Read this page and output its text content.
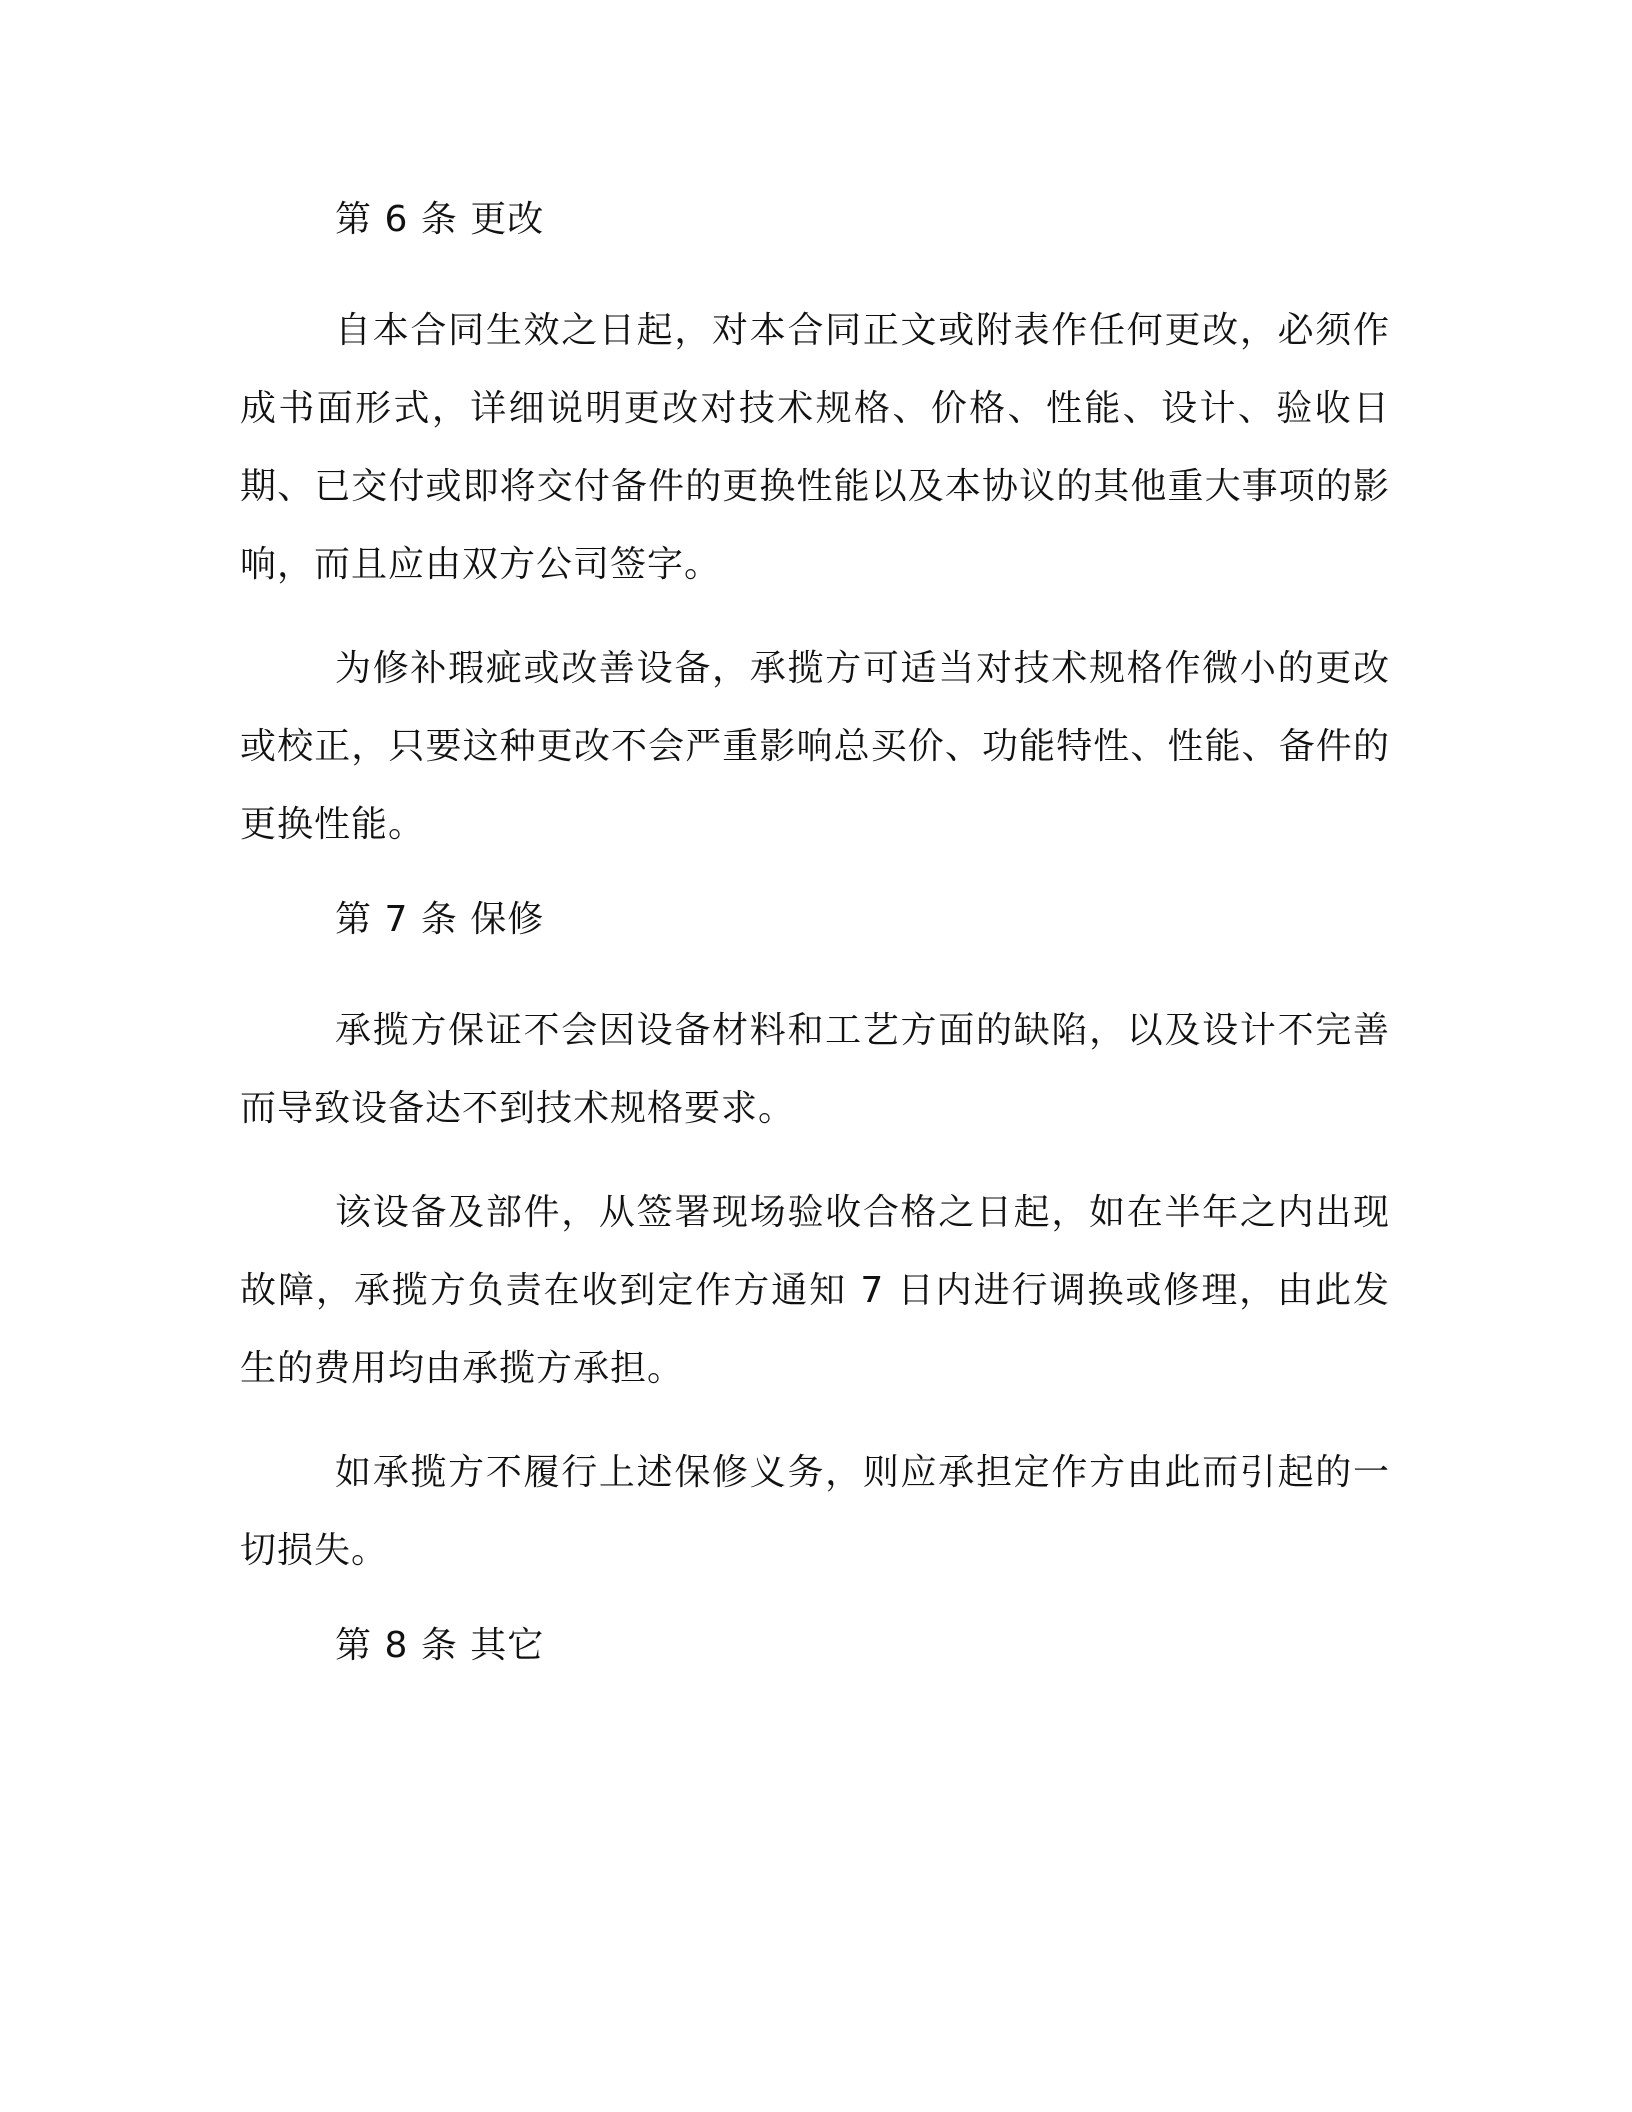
第 6 条 更改

自本合同生效之日起，对本合同正文或附表作任何更改，必须作成书面形式，详细说明更改对技术规格、价格、性能、设计、验收日期、已交付或即将交付备件的更换性能以及本协议的其他重大事项的影响，而且应由双方公司签字。

为修补瑕疵或改善设备，承揽方可适当对技术规格作微小的更改或校正，只要这种更改不会严重影响总买价、功能特性、性能、备件的更换性能。

第 7 条 保修

承揽方保证不会因设备材料和工艺方面的缺陷，以及设计不完善而导致设备达不到技术规格要求。

该设备及部件，从签署现场验收合格之日起，如在半年之内出现故障，承揽方负责在收到定作方通知 7 日内进行调换或修理，由此发生的费用均由承揽方承担。

如承揽方不履行上述保修义务，则应承担定作方由此而引起的一切损失。

第 8 条 其它
